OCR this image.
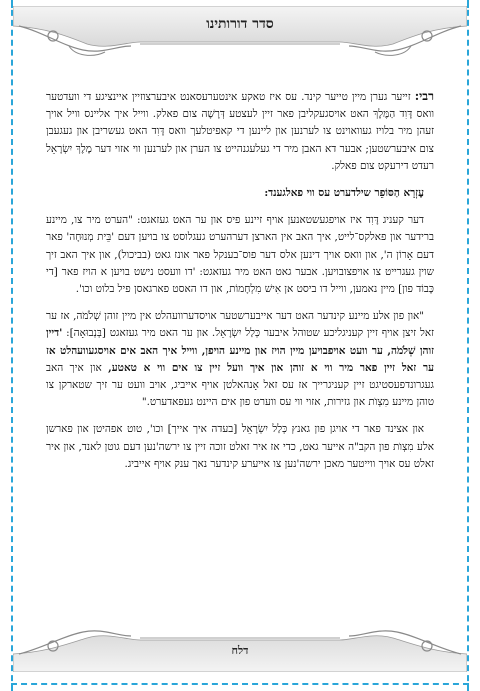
סדר דורותינו

רבי: זייער גערן מיין טייער קינד. עס איז טאקע אינטערעסאנט איבערצוזיין איינציגע די וועדטער וואס דָּוִד הַמֶּלֶךְ האט אויסגעקליבן פאר זיין לעצטע דְּרָשָׁה צום פאלק. ווייל איך אליינס וויל אויך זעהן מיר בלויז געוואוינט צו לערנען און ליינען די קאפיטלעך וואס דָּוִד האט געשריבן און געגעבן צום איבערשטען; אבער דא האבן מיר די געלעגנהייט צו הערן און לערנען ווי אזוי דער מֶלֶךְ יִשְׂרָאֵל רעדט דירעקט צום פאלק.

עֶזְרָא הַסּוֹפֵר שילדערט עס ווי פאלגענד:

דער קעניג דָּוִד איז אויפגעשטאנען אויף זיינע פיס און ער האט געזאגט: "הערט מיר צו, מיינע ברידער און פאלקס־לייט, איך האב אין הארצן דערהערט געגלוסט צו בויען דעם 'בֵּית מְנוּחָה' פאר דעם אָרוֹן ה', און וואס אויך דינען אלס דער פוס־בענקל פאר אונז גאט (בביכול), און איך האב זיך שוין געגרייט צו אויפצובויען. אבער גאט האט מיר געזאגט: 'דו וועסט נישט בויען א הויז פאר [די כָּבוֹד פון] מיין נאמען, ווייל דו ביסט אן אִישׁ מִלְחָמוֹת, און דו האסט פארגאסן פיל בלוט וכו'.

"און פון אלע מיינע קינדער האט דער אייבערשטער אויסדערוועהלט אין מיין זוהן שְׁלֹמֹה, אז ער זאל זיצן אויף זיין קעניגליכע שטוהל איבער כְּלַל יִשְׂרָאֵל. און ער האט מיר געזאגט [בְּנְבוּאָה]: 'דיין זוהן שְׁלֹמֹה, ער וועט אויפבויען מיין הויז און מיינע הויפן, ווייל איך האב אים אויסגעוועהלט אז ער זאל זיין פאר מיר ווי א זוהן און איך וועל זיין צו אים ווי א טאטע, און איך האב געגרונדפעסטיגט זיין קעניגרייך אז עס זאל אָנהאלטן אויף אייביג, אויב וועט ער זיך שטארקן צו טוהן מיינע מִצְוֺת און גזירות, אזוי ווי עס ווערט פון אים היינט געפאדערט."

און אצינד פאר די אויגן פון גאנץ כְּלַל יִשְׂרָאֵל [בעדה איך אייך] וכו', טוט אפהיטן און פארשן אלע מִצְוֺת פון הקב"ה אייער גאט, כדי אז איר זאלט זוכה זיין צו ירשה'נען דעם גוטן לאנד, און איר זאלט עס אויך ווייטער מאכן ירשה'נען צו אייערע קינדער נאך ענק אויף אייביג.

דלח
